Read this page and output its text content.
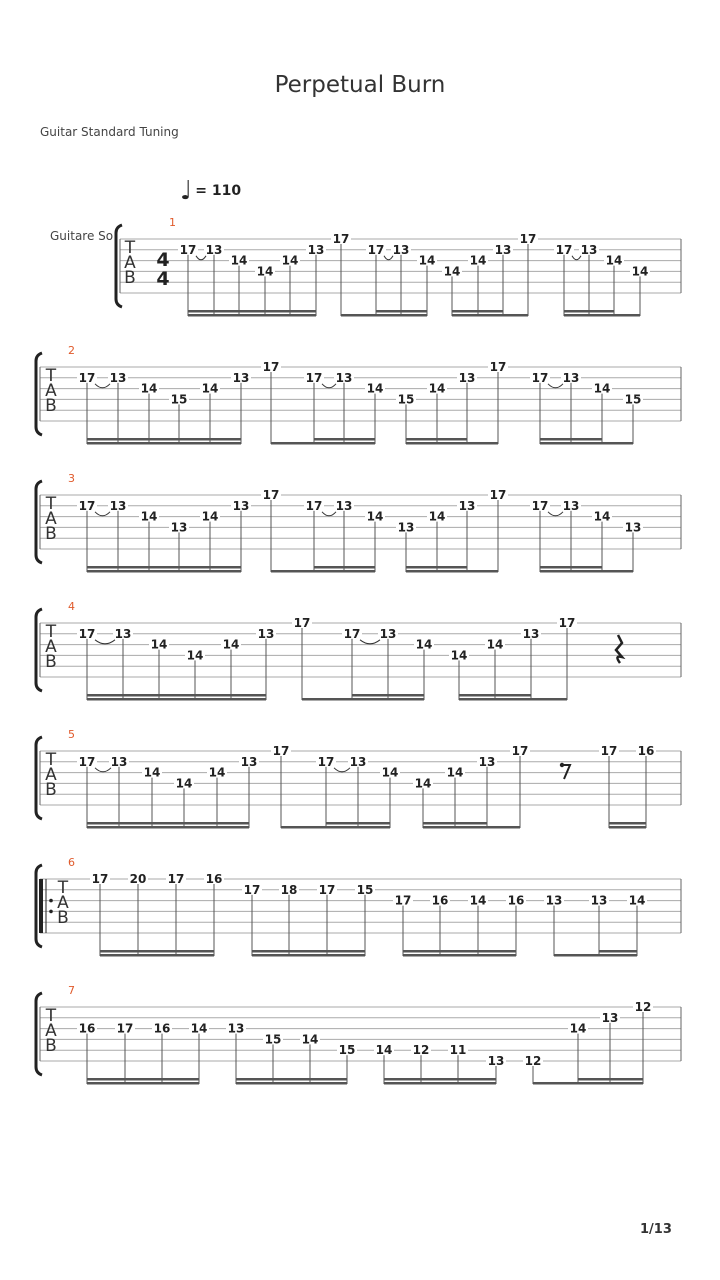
Perpetual Burn
Guitar Standard Tuning
♩ = 110
Guitare So
1/13
T
A
B
4
4
1
17 13
14
14
14
13
17
17 13
14
14
14
13
17
17 13
14
14
T
A
B
2
17 13
14
15
14
13
17
17 13
14
15
14
13
17
17 13
14
15
T
A
B
3
17 13
14
13
14
13
17
17 13
14
13
14
13
17
17 13
14
13
T
A
B
4
17 13
14
14
14
13
17
17 13
14
14
14
13
17
T
A
B
5
17 13
14
14
14
13
17
17 13
14
14
14
13
17	17 16
T
A
B
6
17 20 17 16
17 18 17 15
17 16 14 16 13 13 14
T
A
B
7
16 17 16 14 13
15 14
15 14 12 11
13 12
14
13
12
